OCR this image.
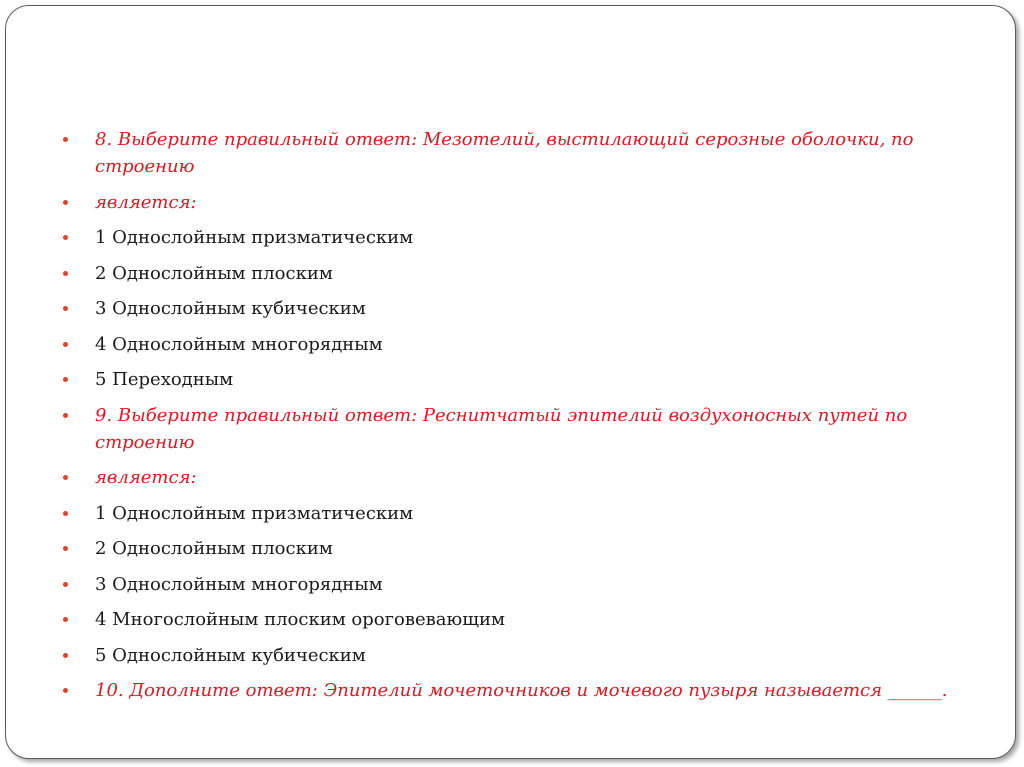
8. Выберите правильный ответ: Мезотелий, выстилающий серозные оболочки, по строению
является:
1 Однослойным призматическим
2 Однослойным плоским
3 Однослойным кубическим
4 Однослойным многорядным
5 Переходным
9. Выберите правильный ответ: Реснитчатый эпителий воздухоносных путей по строению
является:
1 Однослойным призматическим
2 Однослойным плоским
3 Однослойным многорядным
4 Многослойным плоским ороговевающим
5 Однослойным кубическим
10. Дополните ответ: Эпителий мочеточников и мочевого пузыря называется ______.
